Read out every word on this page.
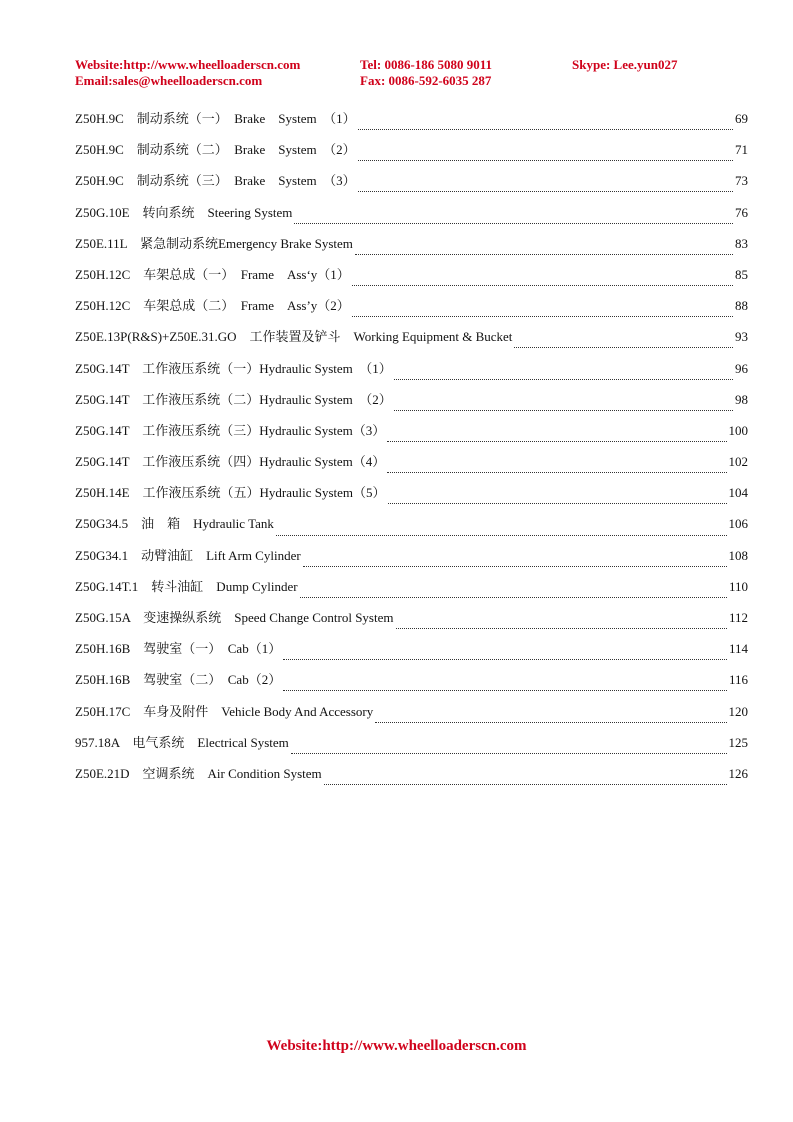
Website:http://www.wheelloaderscn.com
Email:sales@wheelloaderscn.com
Tel: 0086-186 5080 9011
Fax: 0086-592-6035 287
Skype: Lee.yun027
Z50H.9C　制动系统（一）　Brake　System　（1）	69
Z50H.9C　制动系统（二）　Brake　System　（2）	71
Z50H.9C　制动系统（三）　Brake　System　（3）	73
Z50G.10E　转向系统　Steering System	76
Z50E.11L　紧急制动系统Emergency Brake System	83
Z50H.12C　车架总成（一）　Frame　Ass‘y（1）	85
Z50H.12C　车架总成（二）　Frame　Ass’y（2）	88
Z50E.13P(R&S)+Z50E.31.GO　工作装置及铲斗　Working Equipment & Bucket	93
Z50G.14T　工作液压系统（一）Hydraulic System　（1）	96
Z50G.14T　工作液压系统（二）Hydraulic System　（2）	98
Z50G.14T　工作液压系统（三）Hydraulic System（3）	100
Z50G.14T　工作液压系统（四）Hydraulic System（4）	102
Z50H.14E　工作液压系统（五）Hydraulic System（5）	104
Z50G34.5　油　箱　Hydraulic Tank	106
Z50G34.1　动臂油缸　Lift Arm Cylinder	108
Z50G.14T.1　转斗油缸　Dump Cylinder	110
Z50G.15A　变速操纵系统　Speed Change Control System	112
Z50H.16B　驾驶室（一）　Cab（1）	114
Z50H.16B　驾驶室（二）　Cab（2）	116
Z50H.17C　车身及附件　Vehicle Body And Accessory	120
957.18A　电气系统　Electrical System	125
Z50E.21D　空调系统　Air Condition System	126
Website:http://www.wheelloaderscn.com
